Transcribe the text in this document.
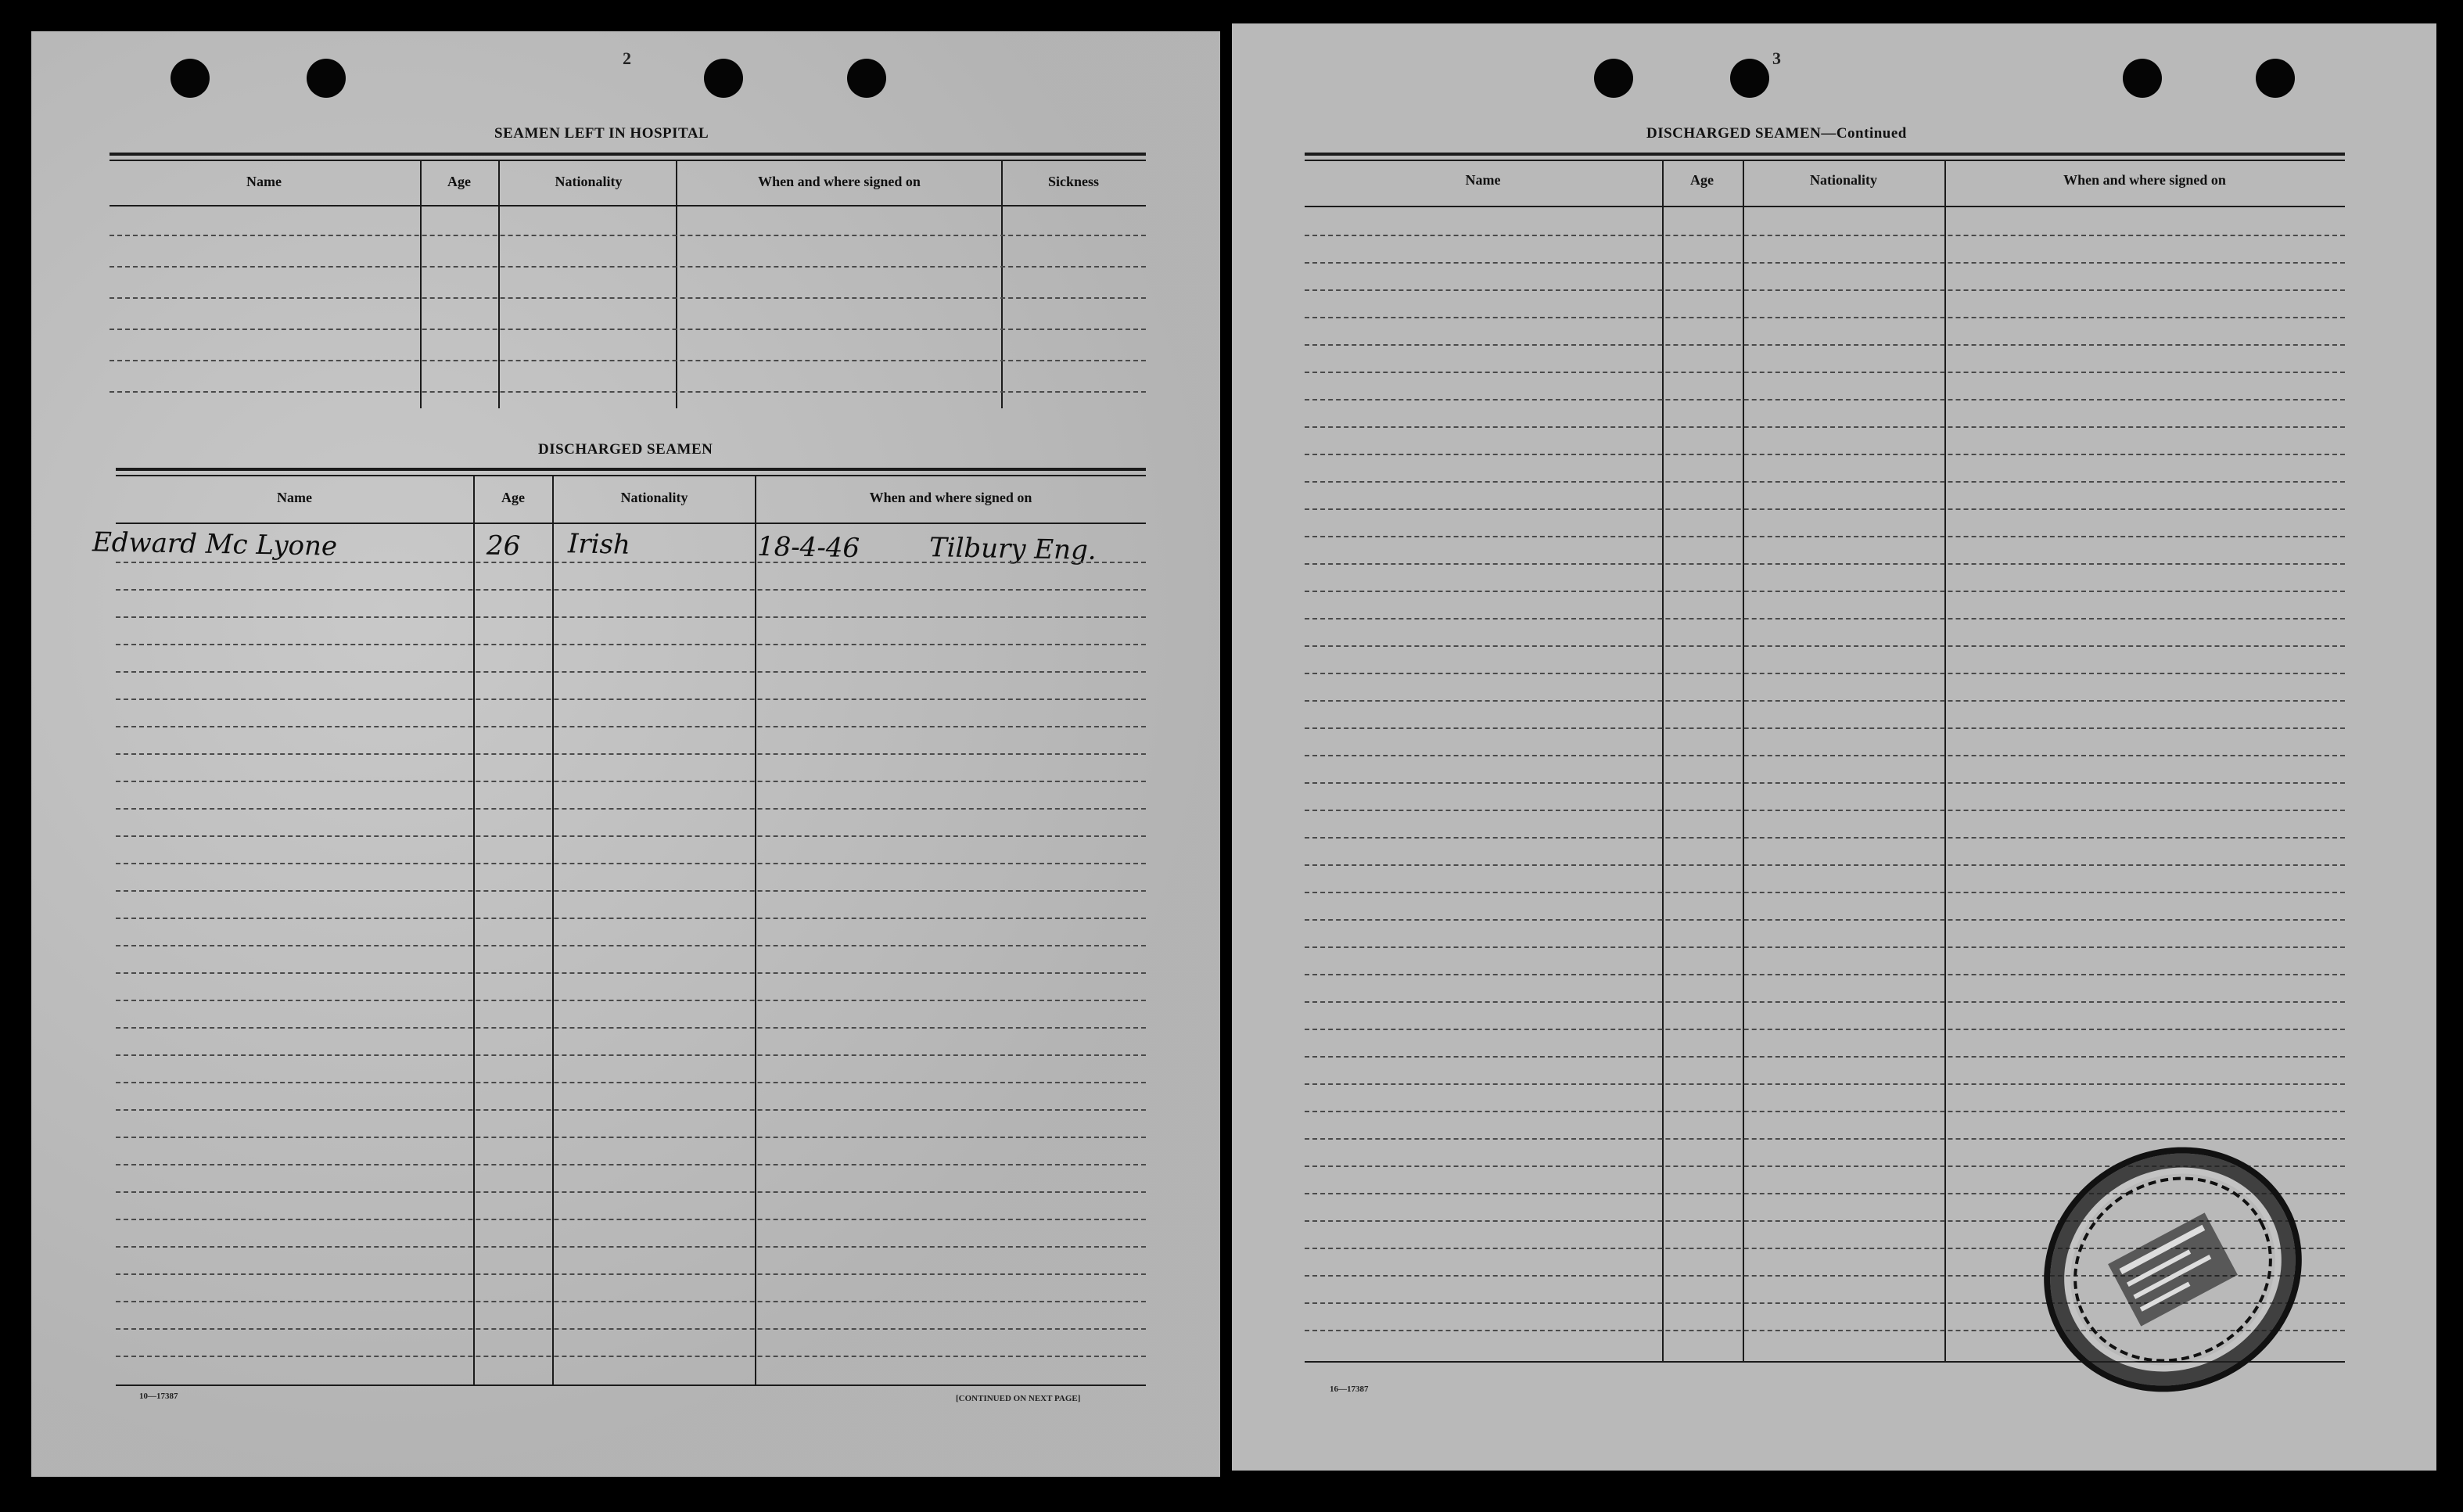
2
SEAMEN LEFT IN HOSPITAL
Name	Age	Nationality	When and where signed on	Sickness
DISCHARGED SEAMEN
Name	Age	Nationality	When and where signed on
Edward Mc Lyone	26 Irish	18-4-46	Tilbury Eng.
10—17387	[CONTINUED ON NEXT PAGE]
3
DISCHARGED SEAMEN—Continued
Name	Age	Nationality	When and where signed on
16—17387
